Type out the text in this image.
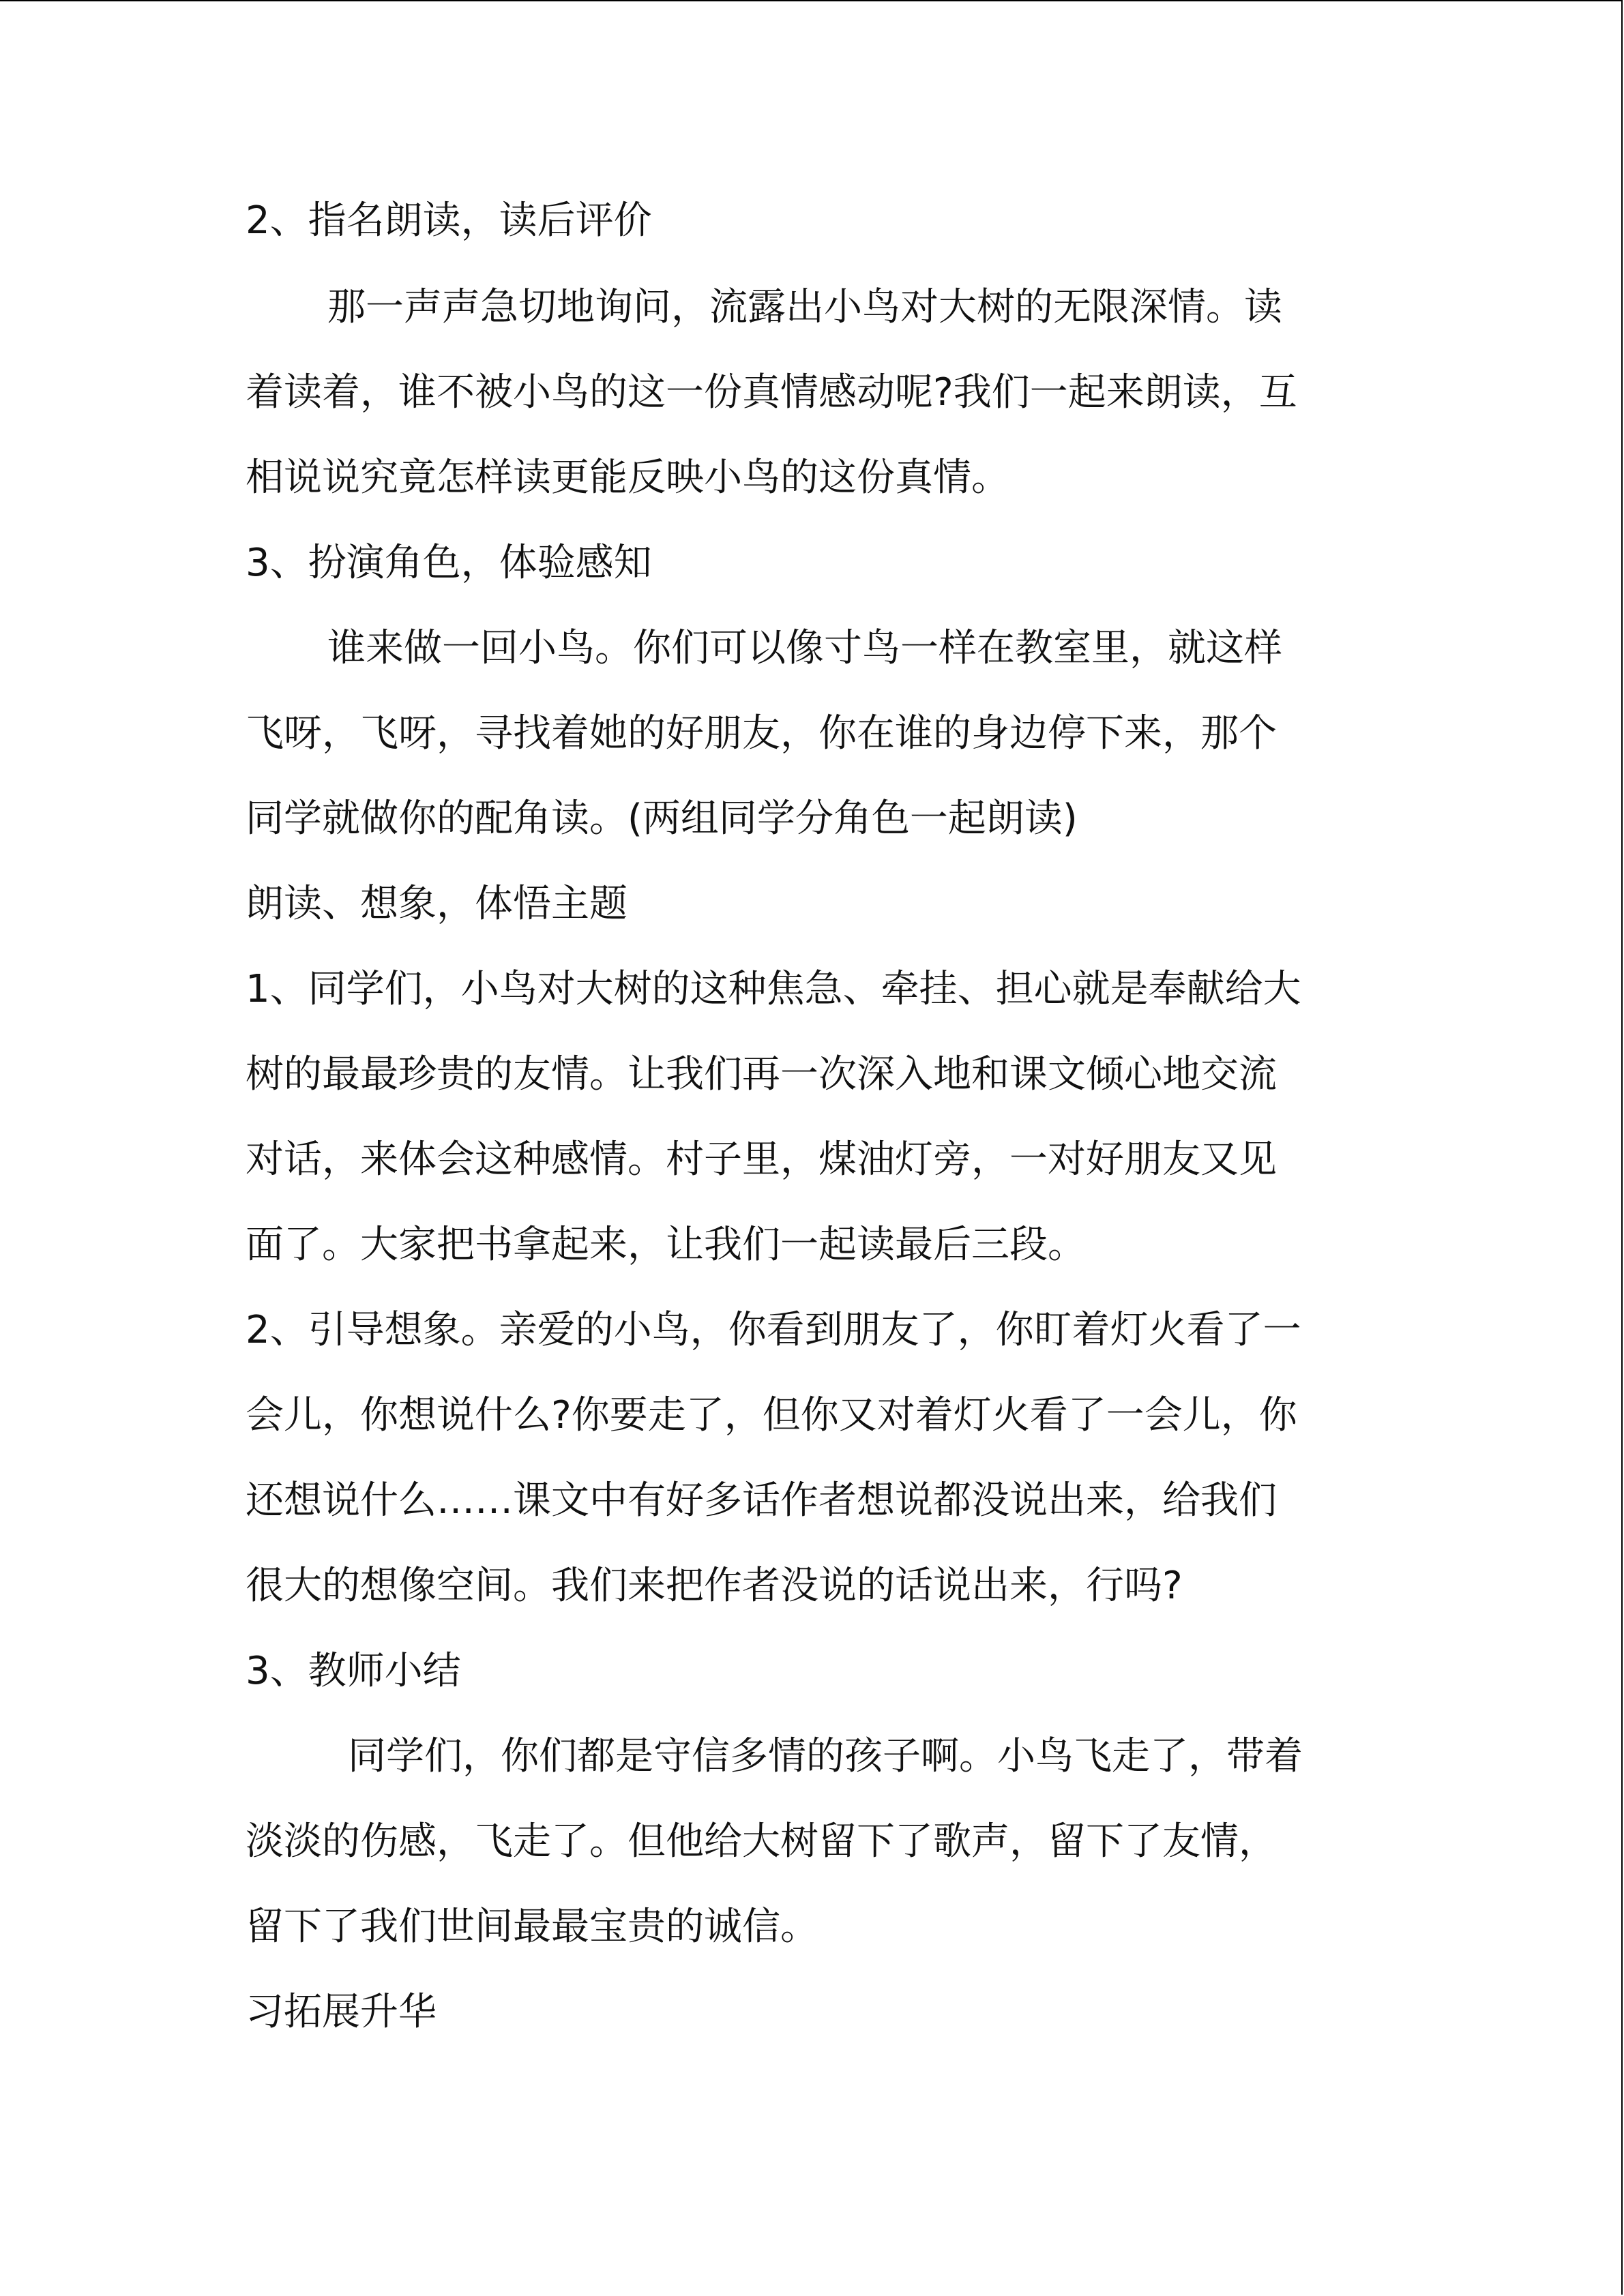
2、指名朗读，读后评价
那一声声急切地询问，流露出小鸟对大树的无限深情。读
着读着，谁不被小鸟的这一份真情感动呢?我们一起来朗读，互
相说说究竟怎样读更能反映小鸟的这份真情。
3、扮演角色，体验感知
谁来做一回小鸟。你们可以像寸鸟一样在教室里，就这样
飞呀，飞呀，寻找着她的好朋友，你在谁的身边停下来，那个
同学就做你的配角读。(两组同学分角色一起朗读)
朗读、想象，体悟主题
1、同学们，小鸟对大树的这种焦急、牵挂、担心就是奉献给大
树的最最珍贵的友情。让我们再一次深入地和课文倾心地交流
对话，来体会这种感情。村子里，煤油灯旁，一对好朋友又见
面了。大家把书拿起来，让我们一起读最后三段。
2、引导想象。亲爱的小鸟，你看到朋友了，你盯着灯火看了一
会儿，你想说什么?你要走了，但你又对着灯火看了一会儿，你
还想说什么……课文中有好多话作者想说都没说出来，给我们
很大的想像空间。我们来把作者没说的话说出来，行吗?
3、教师小结
同学们，你们都是守信多情的孩子啊。小鸟飞走了，带着
淡淡的伤感，飞走了。但他给大树留下了歌声，留下了友情，
留下了我们世间最最宝贵的诚信。
习拓展升华
